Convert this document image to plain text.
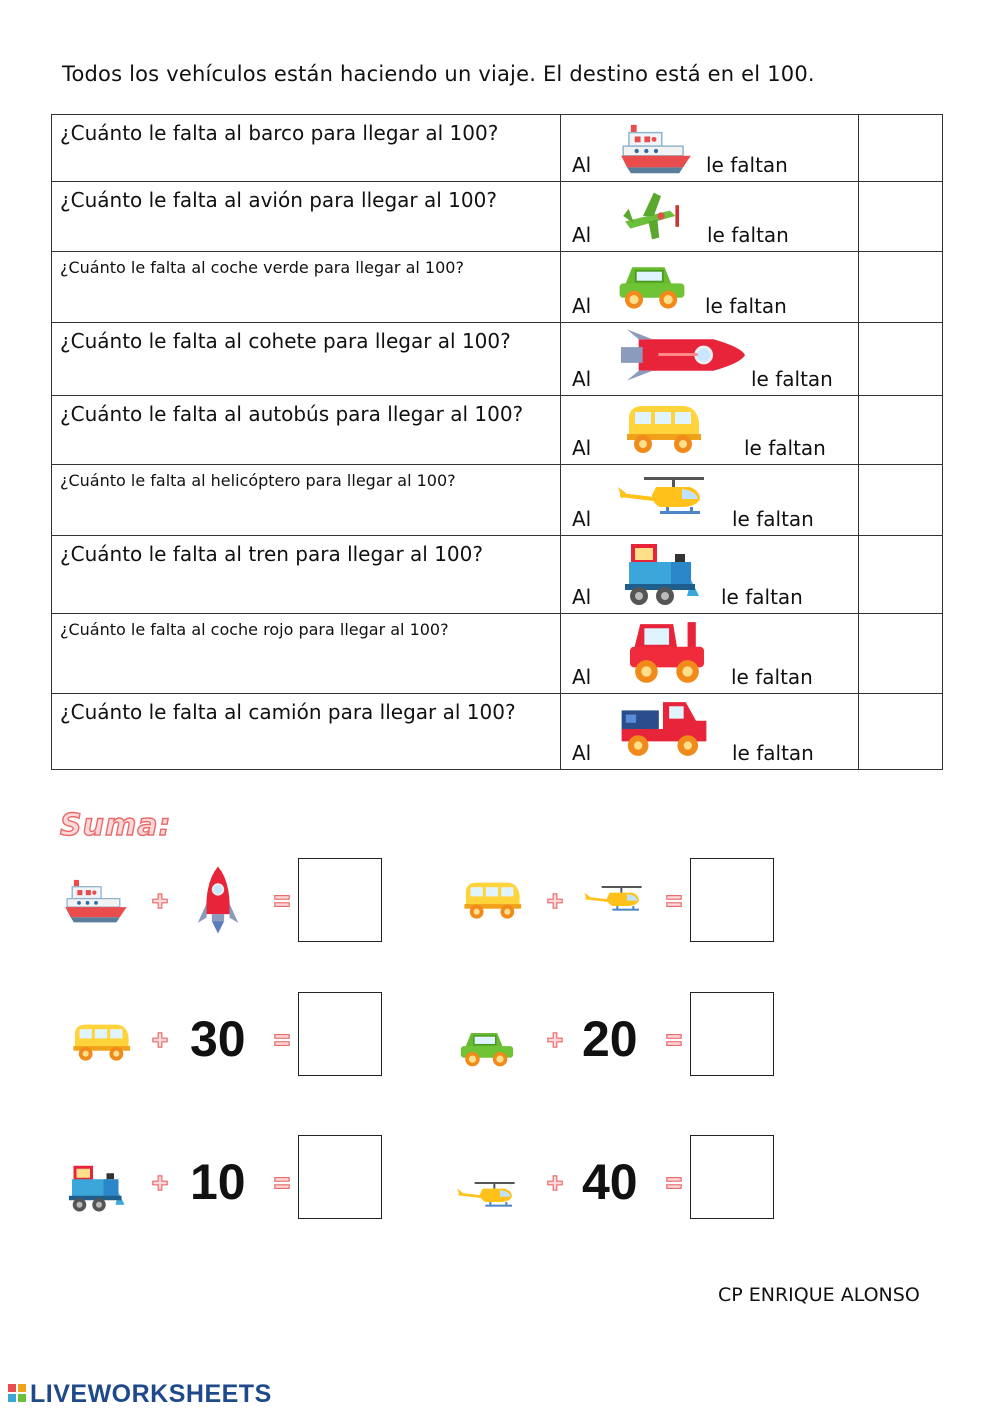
Todos los vehículos están haciendo un viaje. El destino está en el 100.
¿Cuánto le falta al barco para llegar al 100?	Al le faltan	

¿Cuánto le falta al avión para llegar al 100?	Al le faltan	

¿Cuánto le falta al coche verde para llegar al 100?	Al le faltan	

¿Cuánto le falta al cohete para llegar al 100?	Al le faltan	

¿Cuánto le falta al autobús para llegar al 100?	Al le faltan	

¿Cuánto le falta al helicóptero para llegar al 100?	Al le faltan	

¿Cuánto le falta al tren para llegar al 100?	Al le faltan	

¿Cuánto le falta al coche rojo para llegar al 100?	Al le faltan	

¿Cuánto le falta al camión para llegar al 100?	Al le faltan	

Suma:
30	20
10	40
CP ENRIQUE ALONSO
LIVEWORKSHEETS
